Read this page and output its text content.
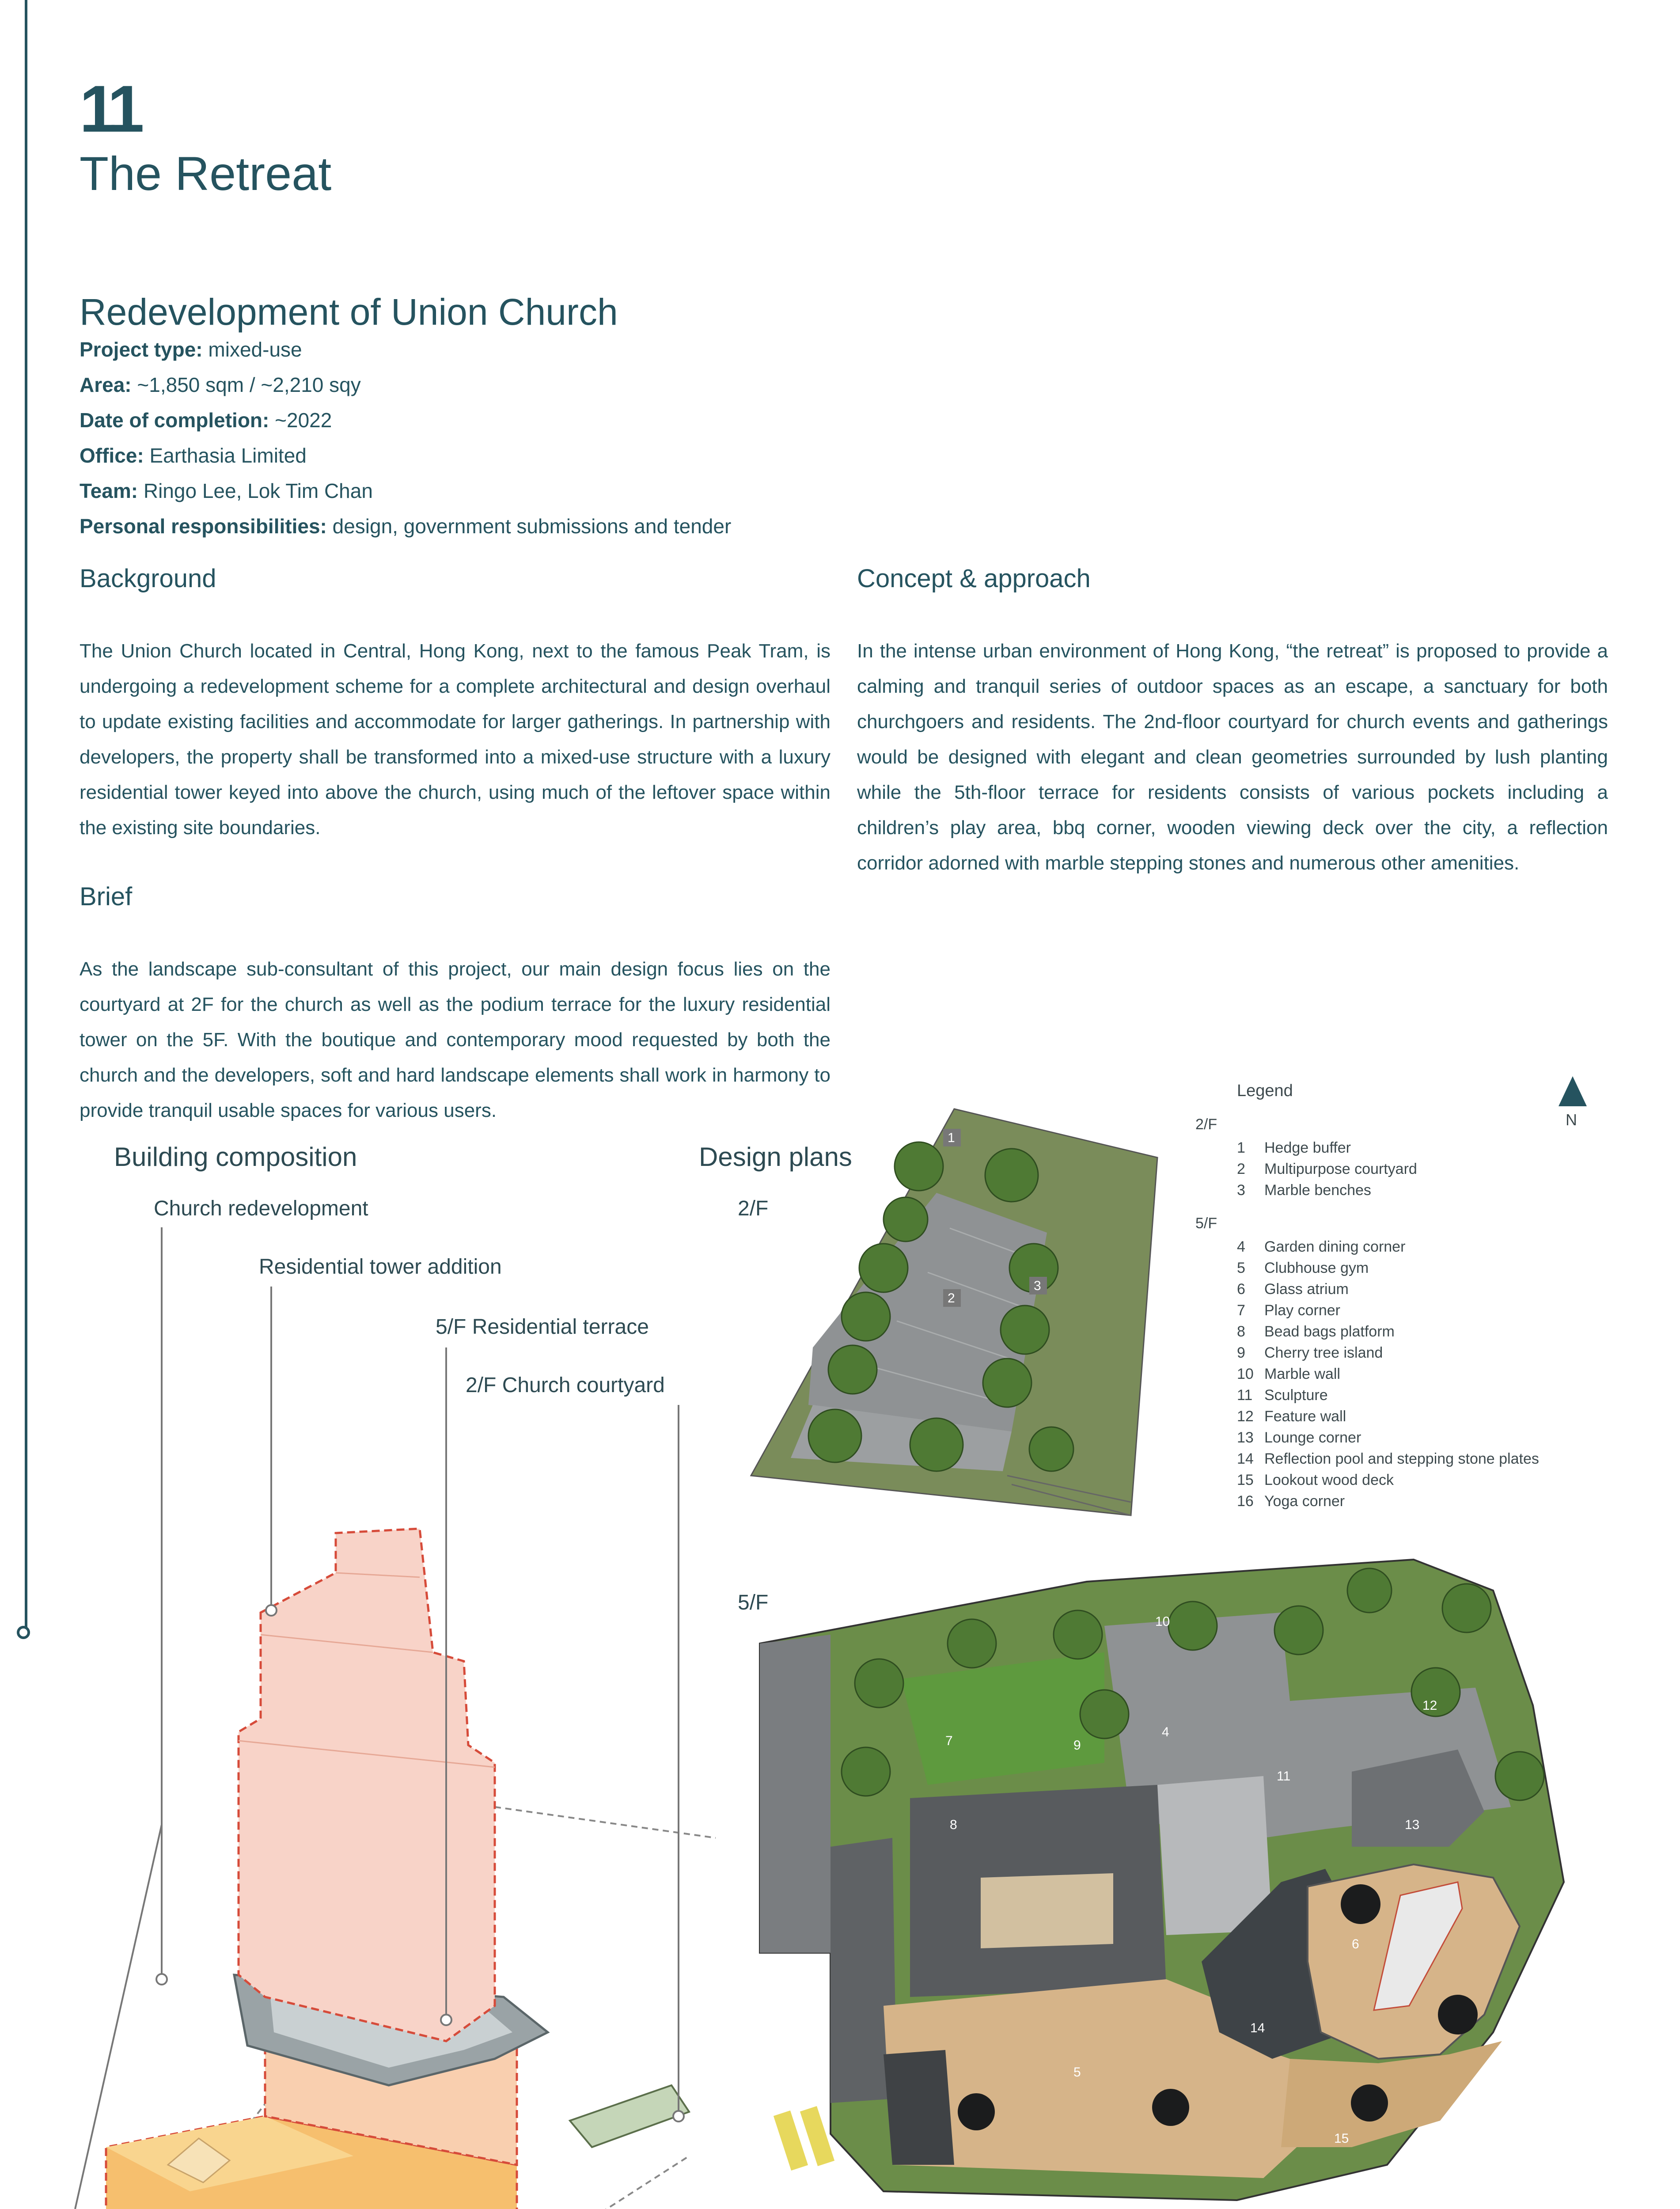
11
The Retreat
Redevelopment of Union Church
Project type: mixed-use
Area: ~1,850 sqm / ~2,210 sqy
Date of completion: ~2022
Office: Earthasia Limited
Team: Ringo Lee, Lok Tim Chan
Personal responsibilities: design, government submissions and tender
Background
The Union Church located in Central, Hong Kong, next to the famous Peak Tram, is undergoing a redevelopment scheme for a complete architectural and design overhaul to update existing facilities and accommodate for larger gatherings. In partnership with developers, the property shall be transformed into a mixed-use structure with a luxury residential tower keyed into above the church, using much of the leftover space within the existing site boundaries.
Brief
As the landscape sub-consultant of this project, our main design focus lies on the courtyard at 2F for the church as well as the podium terrace for the luxury residential tower on the 5F. With the boutique and contemporary mood requested by both the church and the developers, soft and hard landscape elements shall work in harmony to provide tranquil usable spaces for various users.
Concept & approach
In the intense urban environment of Hong Kong, “the retreat” is proposed to provide a calming and tranquil series of outdoor spaces as an escape, a sanctuary for both churchgoers and residents. The 2nd-floor courtyard for church events and gatherings would be designed with elegant and clean geometries surrounded by lush planting while the 5th-floor terrace for residents consists of various pockets including a children’s play area, bbq corner, wooden viewing deck over the city, a reflection corridor adorned with marble stepping stones and numerous other amenities.
Building composition
Church redevelopment
Residential tower addition
5/F Residential terrace
2/F Church courtyard
Design plans
2/F
5/F
1
2
3
7
8
9
10
4
11
12
13
6
14
5
15
16
N
Legend
2/F
1 Hedge buffer
2 Multipurpose courtyard
3 Marble benches
5/F
4 Garden dining corner
5 Clubhouse gym
6 Glass atrium
7 Play corner
8 Bead bags platform
9 Cherry tree island
10 Marble wall
11 Sculpture
12 Feature wall
13 Lounge corner
14 Reflection pool and stepping stone plates
15 Lookout wood deck
16 Yoga corner
